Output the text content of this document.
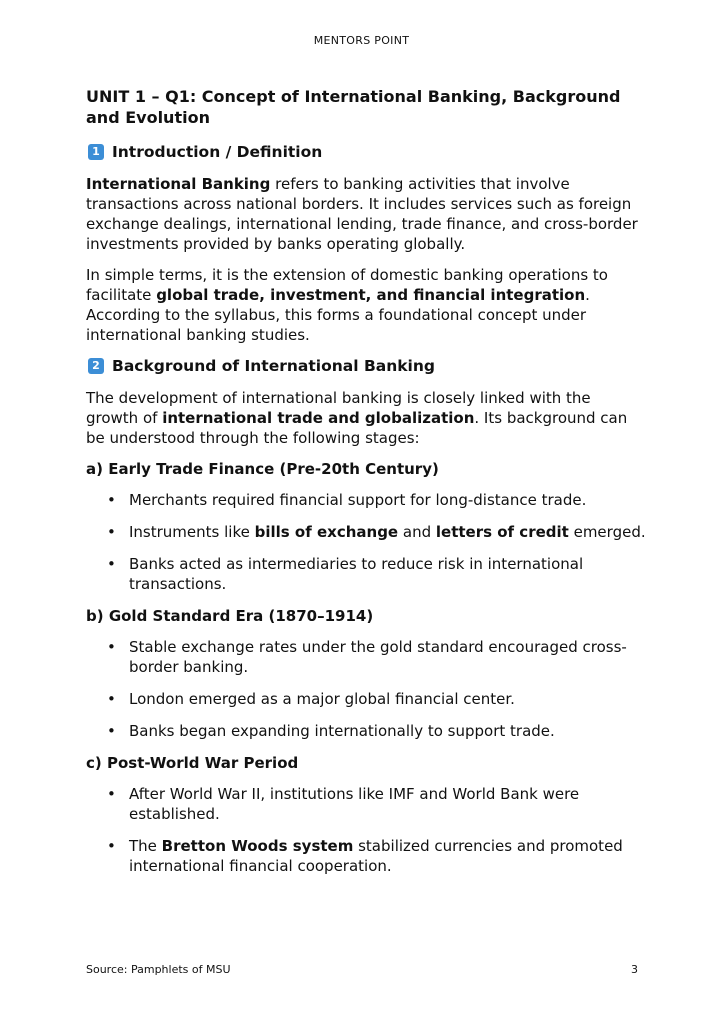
MENTORS POINT
UNIT 1 – Q1: Concept of International Banking, Background and Evolution
1 Introduction / Definition

International Banking refers to banking activities that involve transactions across national borders. It includes services such as foreign exchange dealings, international lending, trade finance, and cross-border investments provided by banks operating globally.

In simple terms, it is the extension of domestic banking operations to facilitate global trade, investment, and financial integration. According to the syllabus, this forms a foundational concept under international banking studies.

2 Background of International Banking

The development of international banking is closely linked with the growth of international trade and globalization. Its background can be understood through the following stages:

a) Early Trade Finance (Pre-20th Century)
• Merchants required financial support for long-distance trade.
• Instruments like bills of exchange and letters of credit emerged.
• Banks acted as intermediaries to reduce risk in international transactions.
b) Gold Standard Era (1870–1914)
• Stable exchange rates under the gold standard encouraged cross-border banking.
• London emerged as a major global financial center.
• Banks began expanding internationally to support trade.
c) Post-World War Period
• After World War II, institutions like IMF and World Bank were established.
• The Bretton Woods system stabilized currencies and promoted international financial cooperation.
Source: Pamphlets of MSU	3
